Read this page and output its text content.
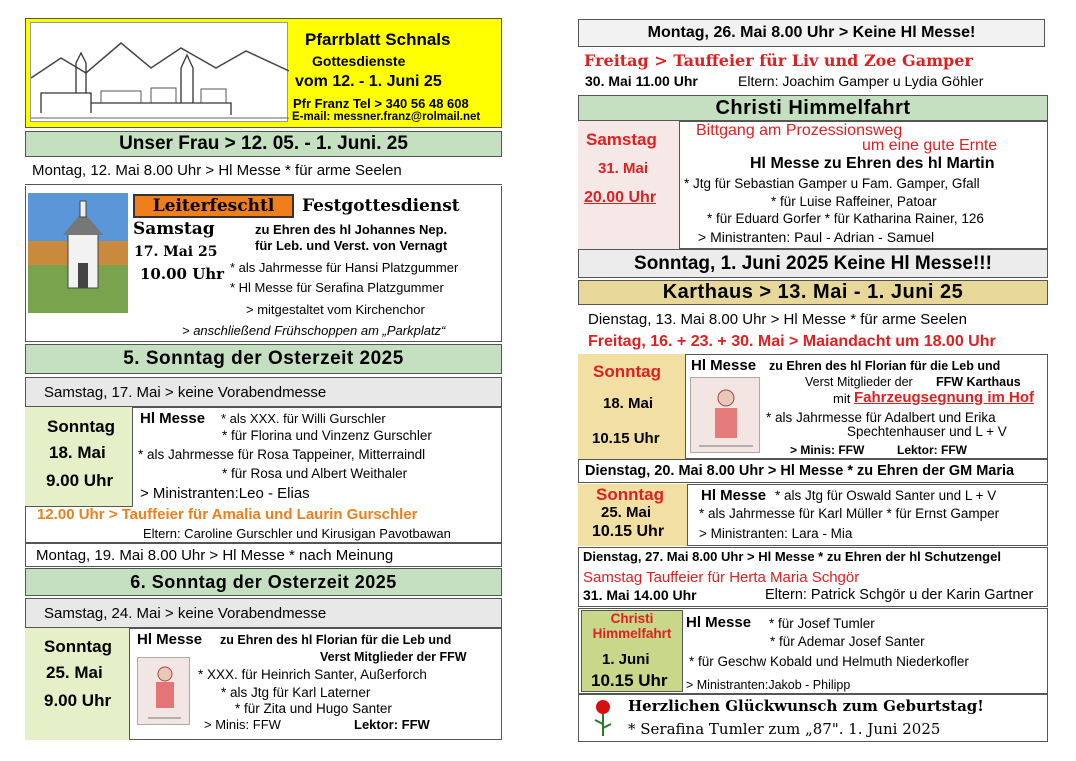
Pfarrblatt Schnals
Gottesdienste
vom 12. - 1. Juni 25
Pfr Franz Tel > 340 56 48 608
E-mail: messner.franz@rolmail.net
Unser Frau > 12. 05. - 1. Juni. 25
Montag, 12. Mai 8.00 Uhr > Hl Messe * für arme Seelen
Leiterfeschtl	Festgottesdienst
Samstag
17. Mai 25
10.00 Uhr
zu Ehren des hl Johannes Nep.
für Leb. und Verst. von Vernagt
* als Jahrmesse für Hansi Platzgummer
* Hl Messe für Serafina Platzgummer
> mitgestaltet vom Kirchenchor
> anschließend Frühschoppen am „Parkplatz“
5. Sonntag der Osterzeit 2025
Samstag, 17. Mai > keine Vorabendmesse
Sonntag
18. Mai
9.00 Uhr
Hl Messe * als XXX. für Willi Gurschler
* für Florina und Vinzenz Gurschler
* als Jahrmesse für Rosa Tappeiner, Mitterraindl
* für Rosa und Albert Weithaler
> Ministranten:Leo - Elias
12.00 Uhr > Tauffeier für Amalia und Laurin Gurschler
Eltern: Caroline Gurschler und Kirusigan Pavotbawan
Montag, 19. Mai 8.00 Uhr > Hl Messe * nach Meinung
6. Sonntag der Osterzeit 2025
Samstag, 24. Mai > keine Vorabendmesse
Sonntag
25. Mai
9.00 Uhr
Hl Messe zu Ehren des hl Florian für die Leb und
Verst Mitglieder der FFW
* XXX. für Heinrich Santer, Außerforch
* als Jtg für Karl Laterner
* für Zita und Hugo Santer
> Minis: FFW	Lektor: FFW
Montag, 26. Mai 8.00 Uhr > Keine Hl Messe!
Freitag > Tauffeier für Liv und Zoe Gamper
30. Mai 11.00 Uhr	Eltern: Joachim Gamper u Lydia Göhler
Christi Himmelfahrt
Samstag
31. Mai
20.00 Uhr
Bittgang am Prozessionsweg
um eine gute Ernte
Hl Messe zu Ehren des hl Martin
* Jtg für Sebastian Gamper u Fam. Gamper, Gfall
* für Luise Raffeiner, Patoar
* für Eduard Gorfer * für Katharina Rainer, 126
> Ministranten: Paul - Adrian - Samuel
Sonntag, 1. Juni 2025 Keine Hl Messe!!!
Karthaus > 13. Mai - 1. Juni 25
Dienstag, 13. Mai 8.00 Uhr > Hl Messe * für arme Seelen
Freitag, 16. + 23. + 30. Mai > Maiandacht um 18.00 Uhr
Sonntag
18. Mai
10.15 Uhr
Hl Messe zu Ehren des hl Florian für die Leb und
Verst Mitglieder der FFW Karthaus
mit Fahrzeugsegnung im Hof
* als Jahrmesse für Adalbert und Erika
Spechtenhauser und L + V
> Minis: FFW	Lektor: FFW
Dienstag, 20. Mai 8.00 Uhr > Hl Messe * zu Ehren der GM Maria
Sonntag
25. Mai
10.15 Uhr
Hl Messe * als Jtg für Oswald Santer und L + V
* als Jahrmesse für Karl Müller * für Ernst Gamper
> Ministranten: Lara - Mia
Dienstag, 27. Mai 8.00 Uhr > Hl Messe * zu Ehren der hl Schutzengel
Samstag Tauffeier für Herta Maria Schgör
31. Mai 14.00 Uhr	Eltern: Patrick Schgör u der Karin Gartner
Christi Himmelfahrt
1. Juni
10.15 Uhr
Hl Messe * für Josef Tumler
* für Ademar Josef Santer
* für Geschw Kobald und Helmuth Niederkofler
> Ministranten:Jakob - Philipp
Herzlichen Glückwunsch zum Geburtstag!
* Serafina Tumler zum „87". 1. Juni 2025
